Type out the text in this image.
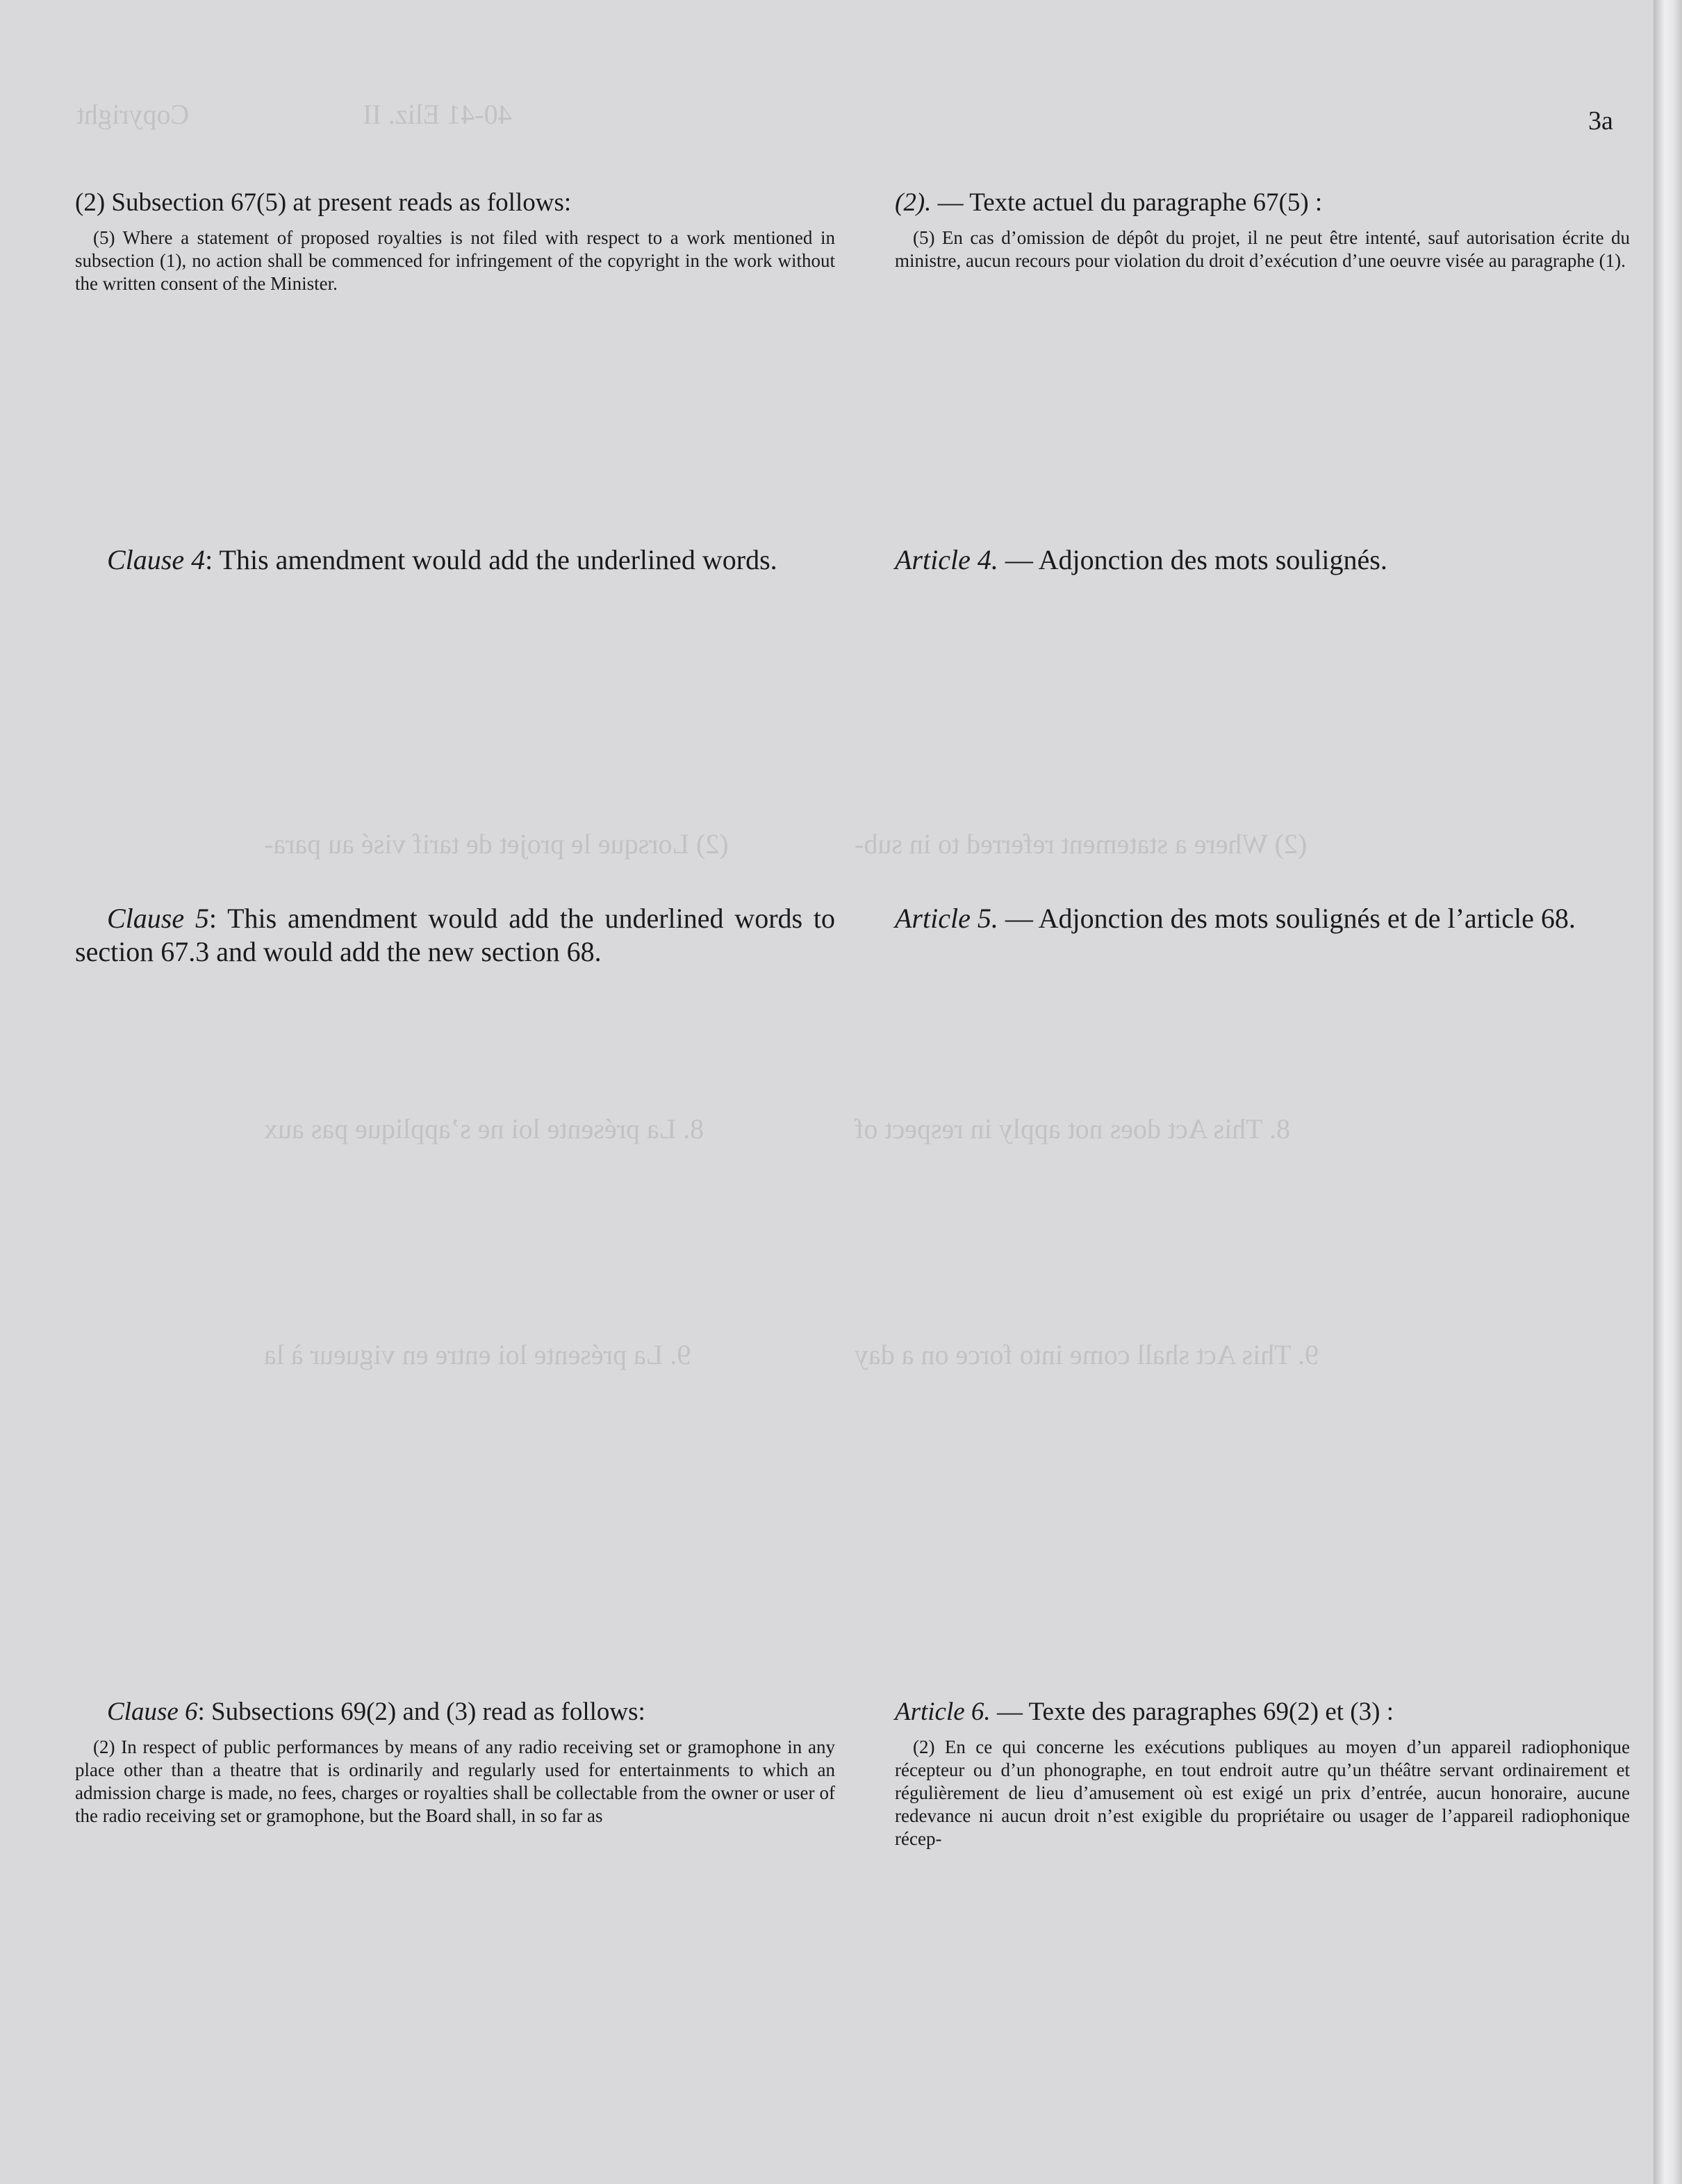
40-41 Eliz. II                         Copyright
(2) Lorsque le projet de tarif visé au para-	(2) Where a statement referred to in sub-
8. La présente loi ne s’applique pas aux	8. This Act does not apply in respect of
9. La présente loi entre en vigueur à la	9. This Act shall come into force on a day
3a

(2) Subsection 67(5) at present reads as follows:

(5) Where a statement of proposed royalties is not filed with respect to a work mentioned in subsection (1), no action shall be commenced for infringement of the copyright in the work without the written consent of the Minister.

(2). — Texte actuel du paragraphe 67(5) :

(5) En cas d’omission de dépôt du projet, il ne peut être intenté, sauf autorisation écrite du ministre, aucun recours pour violation du droit d’exécution d’une oeuvre visée au paragraphe (1).

Clause 4: This amendment would add the underlined words.	Article 4. — Adjonction des mots soulignés.

Clause 5: This amendment would add the underlined words to section 67.3 and would add the new section 68.

Article 5. — Adjonction des mots soulignés et de l’article 68.

Clause 6: Subsections 69(2) and (3) read as follows:

(2) In respect of public performances by means of any radio receiving set or gramophone in any place other than a theatre that is ordinarily and regularly used for entertainments to which an admission charge is made, no fees, charges or royalties shall be collectable from the owner or user of the radio receiving set or gramophone, but the Board shall, in so far as

Article 6. — Texte des paragraphes 69(2) et (3) :

(2) En ce qui concerne les exécutions publiques au moyen d’un appareil radiophonique récepteur ou d’un phonographe, en tout endroit autre qu’un théâtre servant ordinairement et régulièrement de lieu d’amusement où est exigé un prix d’entrée, aucun honoraire, aucune redevance ni aucun droit n’est exigible du propriétaire ou usager de l’appareil radiophonique récep-
